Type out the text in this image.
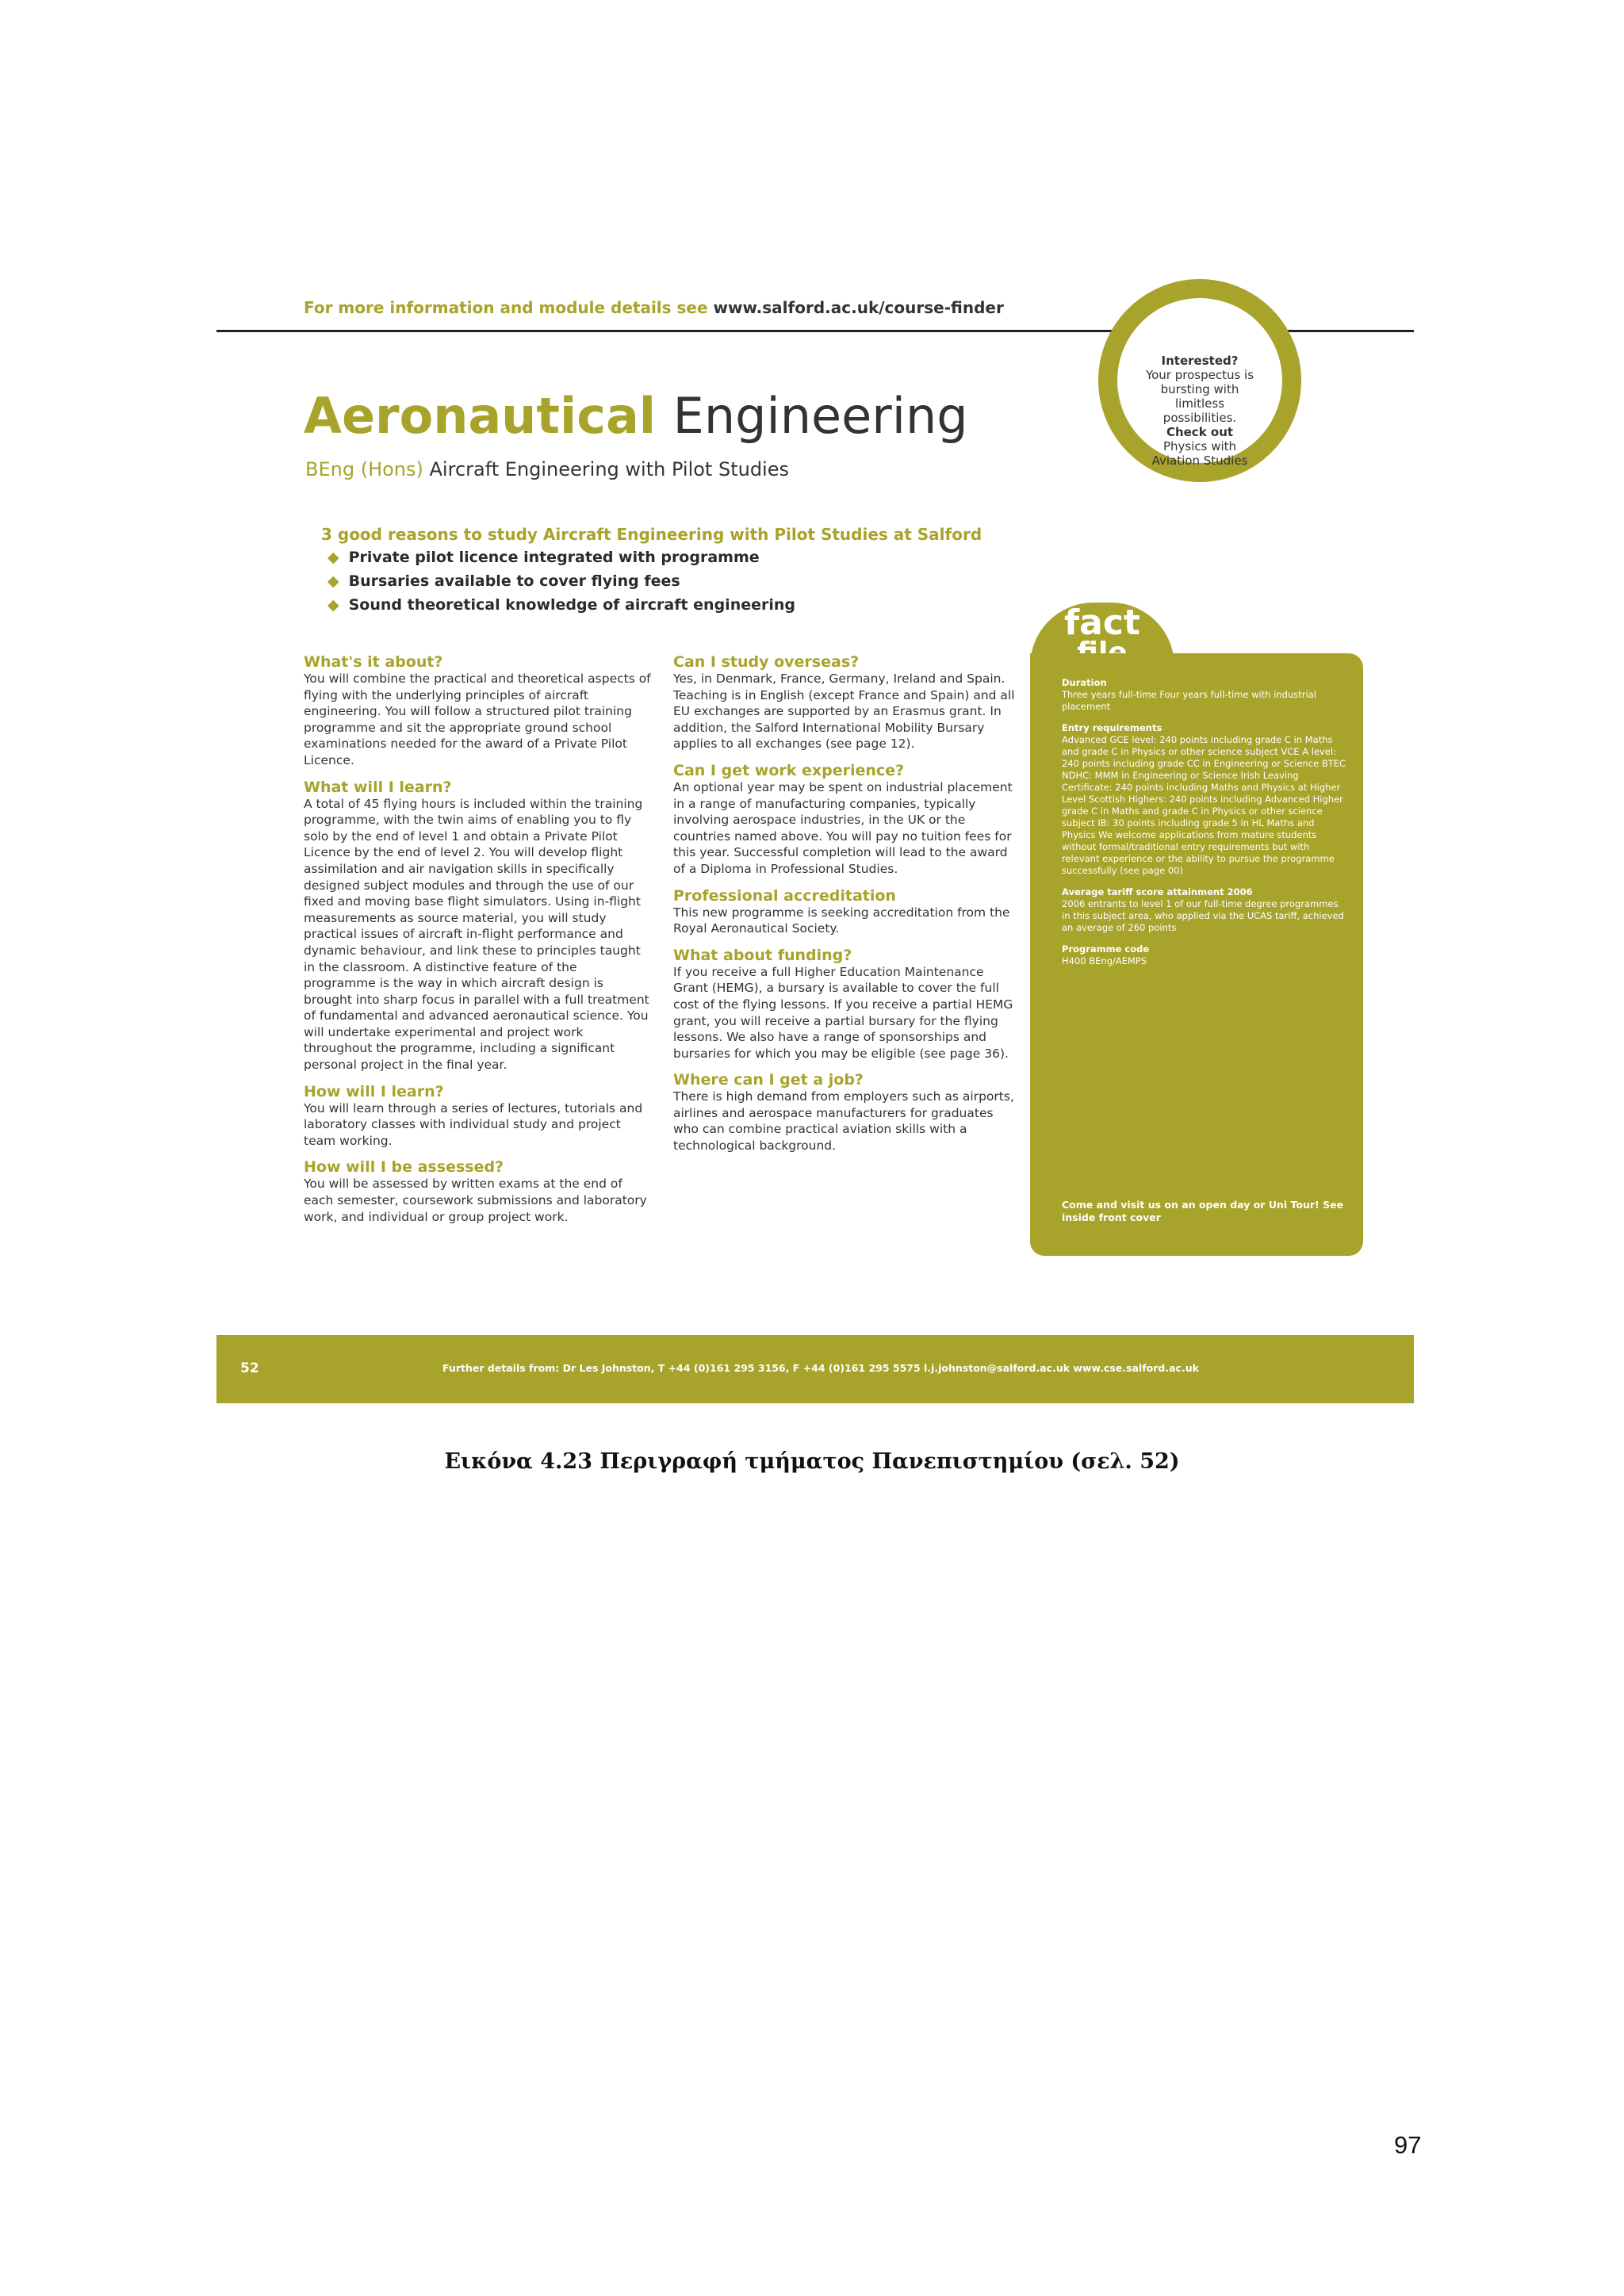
For more information and module details see www.salford.ac.uk/course-finder
Aeronautical Engineering
BEng (Hons) Aircraft Engineering with Pilot Studies
3 good reasons to study Aircraft Engineering with Pilot Studies at Salford
◆ Private pilot licence integrated with programme
◆ Bursaries available to cover flying fees
◆ Sound theoretical knowledge of aircraft engineering
What's it about?

You will combine the practical and theoretical aspects of flying with the underlying principles of aircraft engineering. You will follow a structured pilot training programme and sit the appropriate ground school examinations needed for the award of a Private Pilot Licence.

What will I learn?

A total of 45 flying hours is included within the training programme, with the twin aims of enabling you to fly solo by the end of level 1 and obtain a Private Pilot Licence by the end of level 2. You will develop flight assimilation and air navigation skills in specifically designed subject modules and through the use of our fixed and moving base flight simulators. Using in-flight measurements as source material, you will study practical issues of aircraft in-flight performance and dynamic behaviour, and link these to principles taught in the classroom. A distinctive feature of the programme is the way in which aircraft design is brought into sharp focus in parallel with a full treatment of fundamental and advanced aeronautical science. You will undertake experimental and project work throughout the programme, including a significant personal project in the final year.

How will I learn?

You will learn through a series of lectures, tutorials and laboratory classes with individual study and project team working.

How will I be assessed?

You will be assessed by written exams at the end of each semester, coursework submissions and laboratory work, and individual or group project work.

Can I study overseas?

Yes, in Denmark, France, Germany, Ireland and Spain. Teaching is in English (except France and Spain) and all EU exchanges are supported by an Erasmus grant. In addition, the Salford International Mobility Bursary applies to all exchanges (see page 12).

Can I get work experience?

An optional year may be spent on industrial placement in a range of manufacturing companies, typically involving aerospace industries, in the UK or the countries named above. You will pay no tuition fees for this year. Successful completion will lead to the award of a Diploma in Professional Studies.

Professional accreditation

This new programme is seeking accreditation from the Royal Aeronautical Society.

What about funding?

If you receive a full Higher Education Maintenance Grant (HEMG), a bursary is available to cover the full cost of the flying lessons. If you receive a partial HEMG grant, you will receive a partial bursary for the flying lessons. We also have a range of sponsorships and bursaries for which you may be eligible (see page 36).

Where can I get a job?

There is high demand from employers such as airports, airlines and aerospace manufacturers for graduates who can combine practical aviation skills with a technological background.

Interested?
Your prospectus is bursting with limitless possibilities.
Check out
Physics with Aviation Studies
fact
Duration
Three years full-time Four years full-time with industrial placement
Entry requirements
Advanced GCE level: 240 points including grade C in Maths and grade C in Physics or other science subject VCE A level: 240 points including grade CC in Engineering or Science BTEC NDHC: MMM in Engineering or Science Irish Leaving Certificate: 240 points including Maths and Physics at Higher Level Scottish Highers: 240 points including Advanced Higher grade C in Maths and grade C in Physics or other science subject IB: 30 points including grade 5 in HL Maths and Physics We welcome applications from mature students without formal/traditional entry requirements but with relevant experience or the ability to pursue the programme successfully (see page 00)
Average tariff score attainment 2006
2006 entrants to level 1 of our full-time degree programmes in this subject area, who applied via the UCAS tariff, achieved an average of 260 points
Programme code
H400 BEng/AEMPS
Come and visit us on an open day or Uni Tour! See inside front cover
52	Further details from: Dr Les Johnston, T +44 (0)161 295 3156, F +44 (0)161 295 5575 l.j.johnston@salford.ac.uk www.cse.salford.ac.uk
Εικόνα 4.23 Περιγραφή τμήματος Πανεπιστημίου (σελ. 52)
97
